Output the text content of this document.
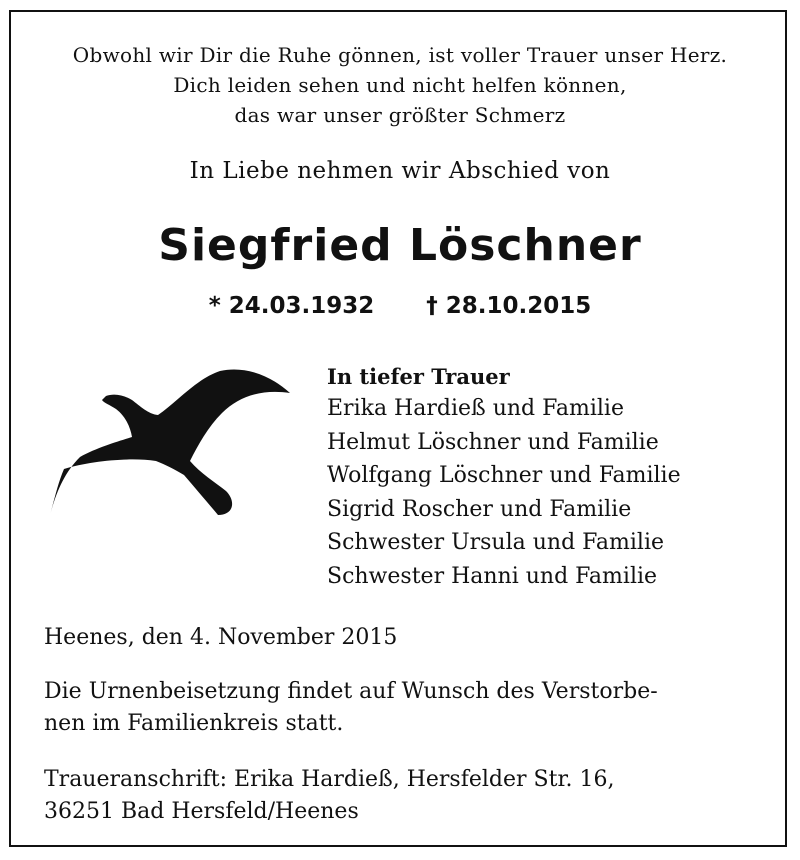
Obwohl wir Dir die Ruhe gönnen, ist voller Trauer unser Herz.
Dich leiden sehen und nicht helfen können,
das war unser größter Schmerz
In Liebe nehmen wir Abschied von
Siegfried Löschner
* 24.03.1932 † 28.10.2015
In tiefer Trauer
Erika Hardieß und Familie
Helmut Löschner und Familie
Wolfgang Löschner und Familie
Sigrid Roscher und Familie
Schwester Ursula und Familie
Schwester Hanni und Familie
Heenes, den 4. November 2015
Die Urnenbeisetzung findet auf Wunsch des Verstorbe-
nen im Familienkreis statt.
Traueranschrift: Erika Hardieß, Hersfelder Str. 16,
36251 Bad Hersfeld/Heenes
